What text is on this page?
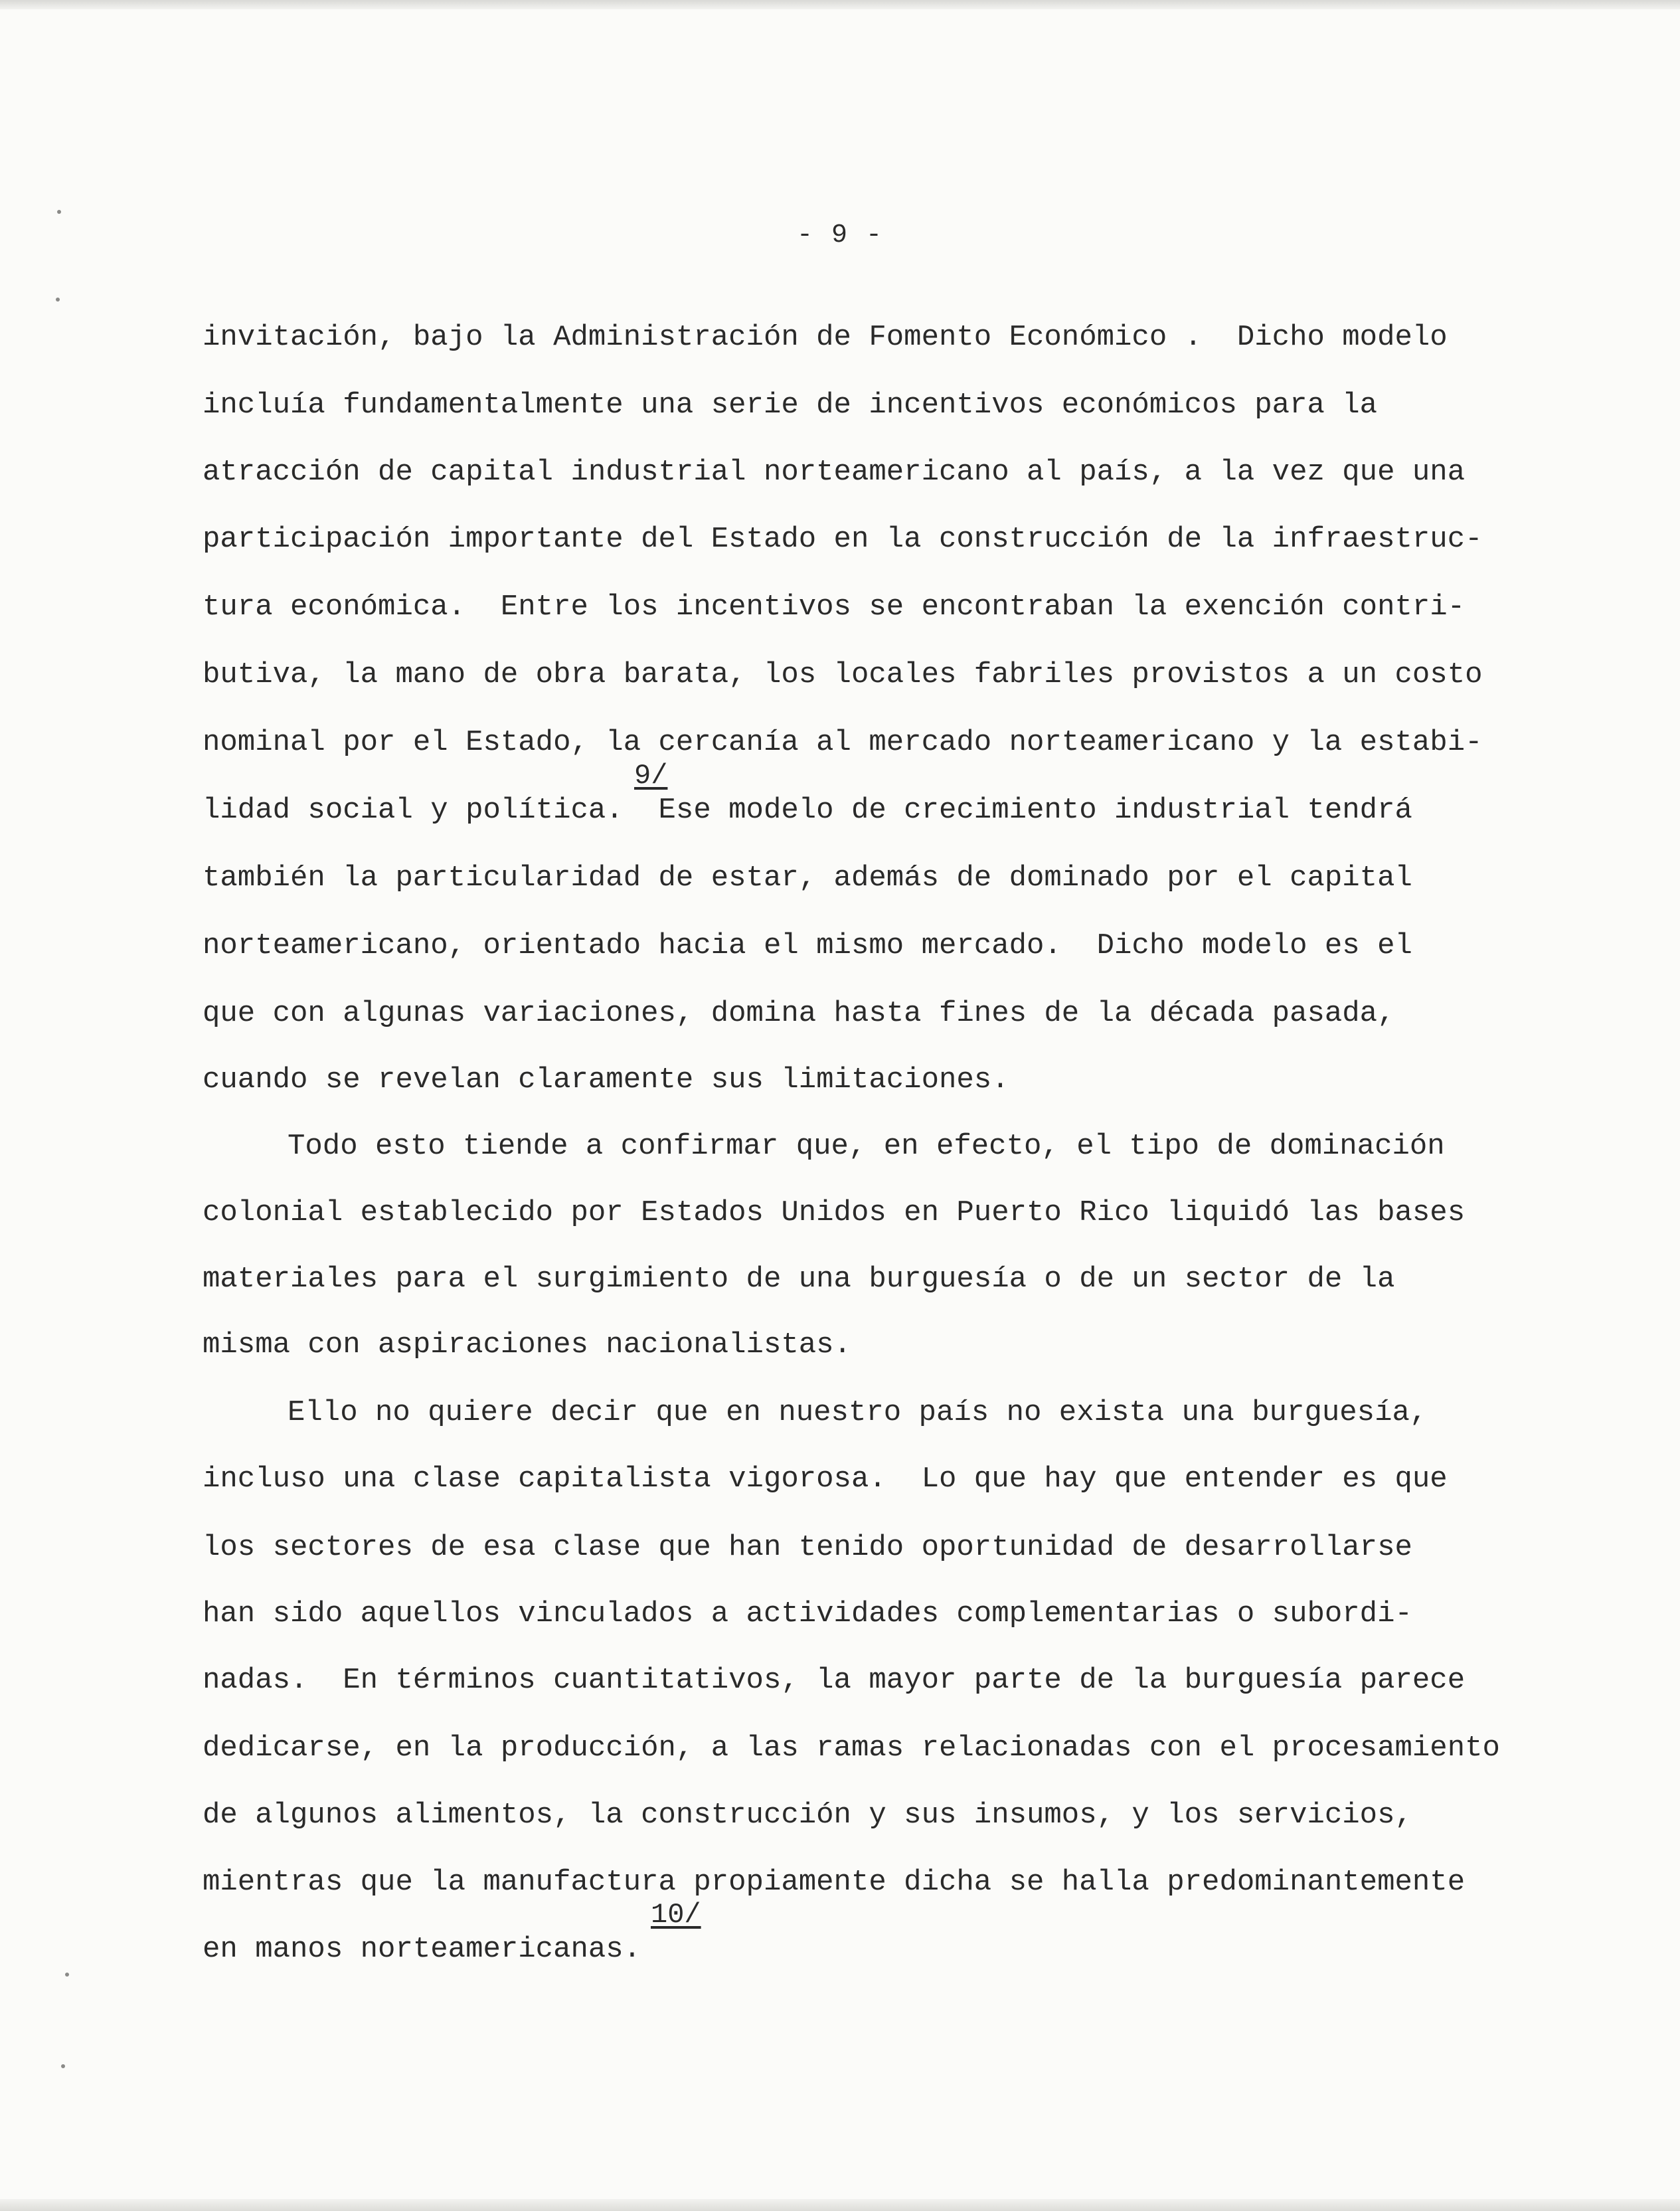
- 9 -
invitación, bajo la Administración de Fomento Económico .  Dicho modelo
incluía fundamentalmente una serie de incentivos económicos para la
atracción de capital industrial norteamericano al país, a la vez que una
participación importante del Estado en la construcción de la infraestruc-
tura económica.  Entre los incentivos se encontraban la exención contri-
butiva, la mano de obra barata, los locales fabriles provistos a un costo
nominal por el Estado, la cercanía al mercado norteamericano y la estabi-
9/
lidad social y política.  Ese modelo de crecimiento industrial tendrá
también la particularidad de estar, además de dominado por el capital
norteamericano, orientado hacia el mismo mercado.  Dicho modelo es el
que con algunas variaciones, domina hasta fines de la década pasada,
cuando se revelan claramente sus limitaciones.
Todo esto tiende a confirmar que, en efecto, el tipo de dominación
colonial establecido por Estados Unidos en Puerto Rico liquidó las bases
materiales para el surgimiento de una burguesía o de un sector de la
misma con aspiraciones nacionalistas.
Ello no quiere decir que en nuestro país no exista una burguesía,
incluso una clase capitalista vigorosa.  Lo que hay que entender es que
los sectores de esa clase que han tenido oportunidad de desarrollarse
han sido aquellos vinculados a actividades complementarias o subordi-
nadas.  En términos cuantitativos, la mayor parte de la burguesía parece
dedicarse, en la producción, a las ramas relacionadas con el procesamiento
de algunos alimentos, la construcción y sus insumos, y los servicios,
mientras que la manufactura propiamente dicha se halla predominantemente
10/
en manos norteamericanas.
